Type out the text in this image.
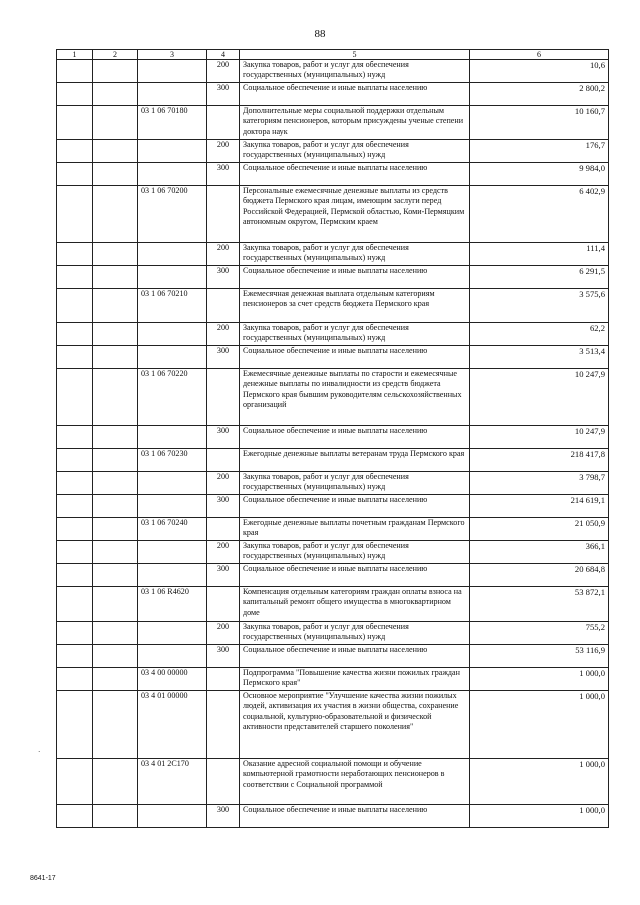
88
1	2	3	4	5	6
			200	Закупка товаров, работ и услуг для обеспечения государственных (муниципальных) нужд	10,6
			300	Социальное обеспечение и иные выплаты населению	2 800,2
		03 1 06 70180		Дополнительные меры социальной поддержки отдельным категориям пенсионеров, которым присуждены ученые степени доктора наук	10 160,7
			200	Закупка товаров, работ и услуг для обеспечения государственных (муниципальных) нужд	176,7
			300	Социальное обеспечение и иные выплаты населению	9 984,0
		03 1 06 70200		Персональные ежемесячные денежные выплаты из средств бюджета Пермского края лицам, имеющим заслуги перед Российской Федерацией, Пермской областью, Коми-Пермяцким автономным округом, Пермским краем	6 402,9
			200	Закупка товаров, работ и услуг для обеспечения государственных (муниципальных) нужд	111,4
			300	Социальное обеспечение и иные выплаты населению	6 291,5
		03 1 06 70210		Ежемесячная денежная выплата отдельным категориям пенсионеров за счет средств бюджета Пермского края	3 575,6
			200	Закупка товаров, работ и услуг для обеспечения государственных (муниципальных) нужд	62,2
			300	Социальное обеспечение и иные выплаты населению	3 513,4
		03 1 06 70220		Ежемесячные денежные выплаты по старости и ежемесячные денежные выплаты по инвалидности из средств бюджета Пермского края бывшим руководителям сельскохозяйственных организаций	10 247,9
			300	Социальное обеспечение и иные выплаты населению	10 247,9
		03 1 06 70230		Ежегодные денежные выплаты ветеранам труда Пермского края	218 417,8
			200	Закупка товаров, работ и услуг для обеспечения государственных (муниципальных) нужд	3 798,7
			300	Социальное обеспечение и иные выплаты населению	214 619,1
		03 1 06 70240		Ежегодные денежные выплаты почетным гражданам Пермского края	21 050,9
			200	Закупка товаров, работ и услуг для обеспечения государственных (муниципальных) нужд	366,1
			300	Социальное обеспечение и иные выплаты населению	20 684,8
		03 1 06 R4620		Компенсация отдельным категориям граждан оплаты взноса на капитальный ремонт общего имущества в многоквартирном доме	53 872,1
			200	Закупка товаров, работ и услуг для обеспечения государственных (муниципальных) нужд	755,2
			300	Социальное обеспечение и иные выплаты населению	53 116,9
		03 4 00 00000		Подпрограмма "Повышение качества жизни пожилых граждан Пермского края"	1 000,0
		03 4 01 00000		Основное мероприятие "Улучшение качества жизни пожилых людей, активизация их участия в жизни общества, сохранение социальной, культурно-образовательной и физической активности представителей старшего поколения"	1 000,0
		03 4 01 2С170		Оказание адресной социальной помощи и обучение компьютерной грамотности неработающих пенсионеров в соответствии с Социальной программой	1 000,0
			300	Социальное обеспечение и иные выплаты населению	1 000,0
·
8641-17
